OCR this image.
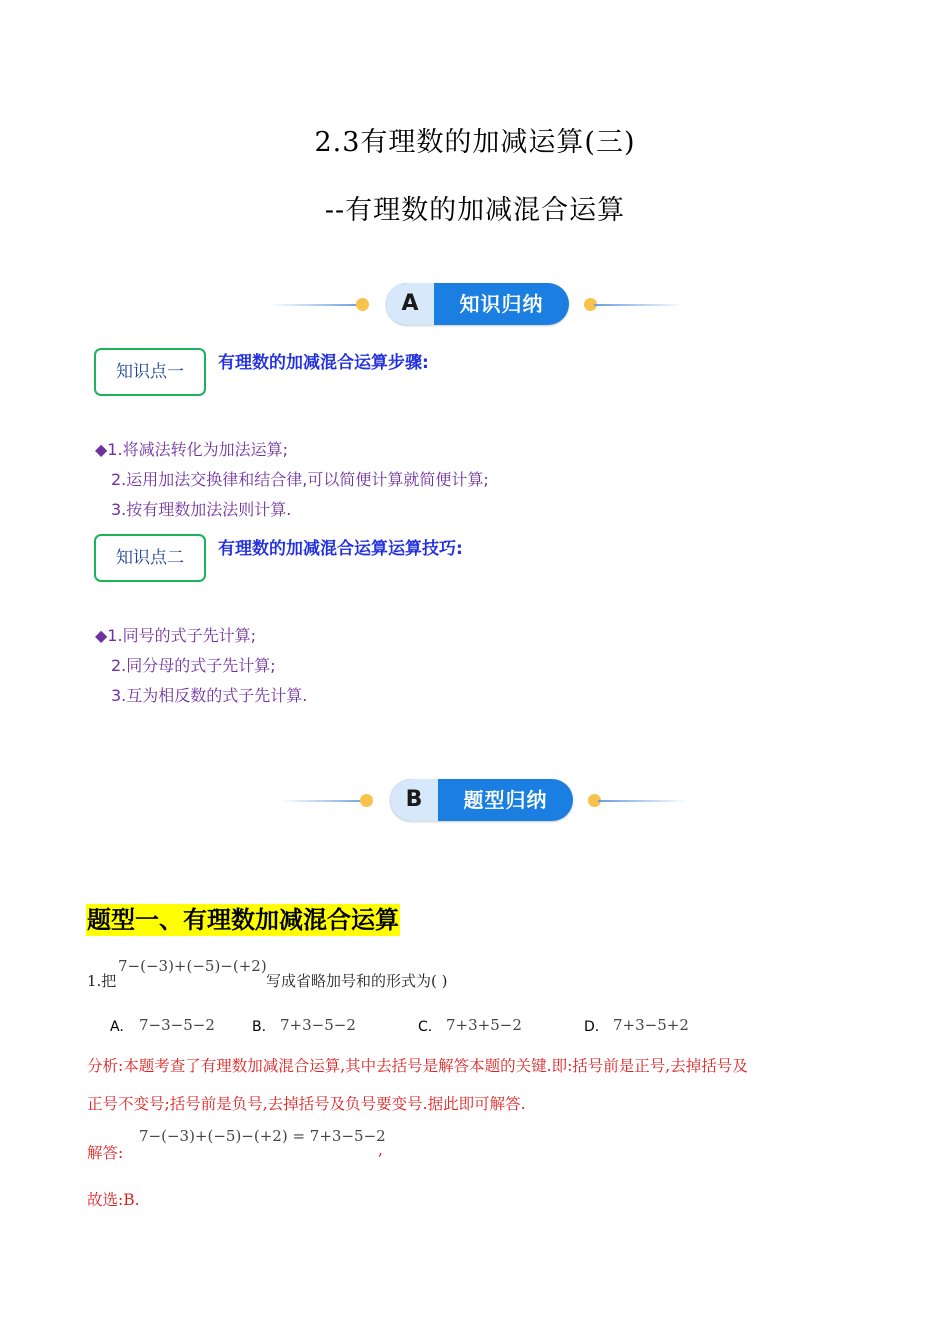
2.3有理数的加减运算(三)
--有理数的加减混合运算
A	知识归纳
知识点一	有理数的加减混合运算步骤:
◆1.将减法转化为加法运算;
2.运用加法交换律和结合律,可以简便计算就简便计算;
3.按有理数加法法则计算.
知识点二	有理数的加减混合运算运算技巧:
◆1.同号的式子先计算;
2.同分母的式子先计算;
3.互为相反数的式子先计算.
B	题型归纳
题型一、有理数加减混合运算
1.把
7−(−3)+(−5)−(+2)
写成省略加号和的形式为( )
A. 7−3−5−2	B. 7+3−5−2	C. 7+3+5−2	D. 7+3−5+2
分析:本题考查了有理数加减混合运算,其中去括号是解答本题的关键.即:括号前是正号,去掉括号及
正号不变号;括号前是负号,去掉括号及负号要变号.据此即可解答.
解答:
7−(−3)+(−5)−(+2) = 7+3−5−2
,
故选:B.
